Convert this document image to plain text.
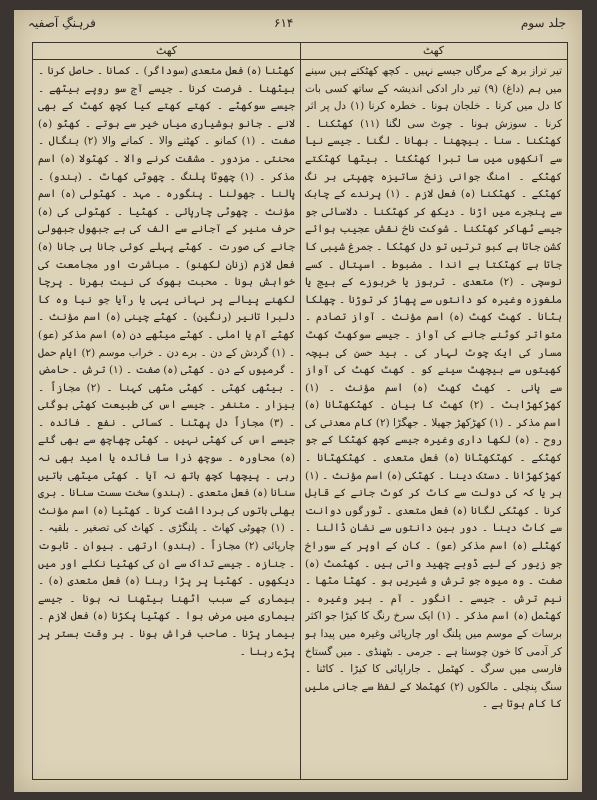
فرہنگِ آصفیہ	۶۱۴	جلد سوم
کھٹ	کھٹ

کھٹنا (ہ) فعل متعدی (سوداگر) ۔ کمانا ۔ حاصل کرنا ۔ بیٹھنا ۔ فرصت کرنا ۔ جیسے آج سو روپے بیٹھے ۔ جیسے سوکھٹے ۔ کھتے کھتے کیا کچھ کھٹ کے بھی لانے ۔ جانو ہوشیاری میاں خیر سے ہوتے ۔ کھٹو (ہ) صفت ۔ (۱) کمانو ۔ کھٹنے والا ۔ کمانے والا (۲) بنگال ۔ محنتی ۔ مزدور ۔ مشقت کرنے والا ۔ کھٹولا (ہ) اسم مذکر ۔ (۱) چھوٹا پلنگ ۔ چھوٹی کھاٹ ۔ (ہندو) ۔ پالنا ۔ جھولنا ۔ پنگورہ ۔ مہد ۔ کھٹولی (ہ) اسم مؤنث ۔ چھوٹی چارپائی ۔ کھٹیا ۔ کھٹولی کی (ہ) حرف منیر کے آجانے سے الف کی بے جبھول جبھولی جانے کی صورت ۔ کھٹے پہلے کوئی جانا ہی جانا (ہ) فعل لازم (زنان لکھنو) ۔ مباشرت اور مجامعت کی خواہش ہونا ۔ محبت بھوک کی نیت بھرنا ۔ پرچا لکھنے پیالے پر نہانی یہی یا رآیا جو نیا وہ کا دلبرا تانیر (رنگین) ۔ کھٹے چینی (ہ) اسم مؤنث ۔ کھٹے آم یا املی ۔ کھٹے میٹھے دن (ہ) اسم مذکر (عو) ۔ (۱) گردش کے دن ۔ برے دن ۔ خراب موسم (۲) ایام حمل ۔ گرمیوں کے دن ۔ کھٹی (ہ) صفت ۔ (۱) ترش ۔ حامض ۔ بیٹھی کھٹی ۔ کھٹی مٹھی کہنا ۔ (۲) مجازاً ۔ بیزار ۔ متنفر ۔ جیسے اس کی طبیعت کھٹی ہوگئی ۔ (۳) مجازاً دل پھٹنا ۔ کسائی ۔ نفع ۔ فائدہ ۔ جیسے اس کی کھٹی نہیں ۔ کھٹی چھاچھ سے بھی گئے (ہ) محاورہ ۔ سوچھ ذرا سا فائدہ یا امید بھی نہ رہی ۔ پیچھا کچھ ہاتھ نہ آیا ۔ کھٹی میٹھی باتیں سنانا (ہ) فعل متعدی ۔ (ہندو) سخت سست سنانا ۔ بری بھلی باتوں کی بردااشت کرنا ۔ کھٹیا (ہ) اسم مؤنث ۔ (۱) چھوٹی کھاٹ ۔ پلنگڑی ۔ کھاٹ کی تصغیر ۔ بلقیہ ۔ چارپائی (۲) مجازاً ۔ (ہندو) ارتھی ۔ بیوان ۔ تابوت ۔ جنازہ ۔ جیسے تداک سے ان کی کھٹیا نکلے اور میں دیکھوں ۔ کھٹیا پر پڑا رہنا (ہ) فعل متعدی (ہ) ۔ بیماری کے سبب اٹھنا بیٹھنا نہ ہونا ۔ جیسے بیماری میں مرض ہوا ۔ کھٹیا پکڑنا (ہ) فعل لازم ۔ بیمار پڑنا ۔ صاحب فراش ہونا ۔ ہر وقت بستر پر پڑے رہنا ۔

تیر تراز برھ کے مرگاں جیسے نہیں ۔ کچھ کھٹکتے ہیں سینے میں ہم (داغ) (۹) تیر دار ادکی اندیشہ کے ساتھ کسی بات کا دل میں کرنا ۔ خلجان ہونا ۔ خطرہ کرنا (۱) دل پر اثر کرنا ۔ سوزش ہونا ۔ چوٹ سی لگنا (۱۱) کھٹکنا ۔ کھٹکنا ۔ سنا ۔ بیچھنا ۔ بھانا ۔ لگنا ۔ جیسے نیا سے آنکھوں میں سا تبرا کھٹکتا ۔ بیٹھا کھٹکتے کھٹکے ۔ امنگ جوانی زنخ ساتیزہ چھپتی ہر نگ کھٹکے ۔ کھٹکنا (ہ) فعل لازم ۔ (۱) پرندے کے چابک سے پنجرے میں اڑنا ۔ دیکھ کر کھٹکنا ۔ دلاسائی جو جیسے ٹھاکر کھٹکنا ۔ شوکت ناخ نقش عجیب ہوائے کشن جاتا ہے کبو ترتیں تو دل کھٹکا ۔ جمرغ شیبی کا جاتا ہے کھٹکتا ہے اندا ۔ مضبوط ۔ اسپتال ۔ کسے نوسچی ۔ (۲) متعدی ۔ تربوز یا خربوزے کے بیج یا ملغوزہ وغیرہ کو دانتوں سے پھاڑ کر توڑنا ۔ چھلکا ہٹانا ۔ کھٹ کھٹ (ہ) اسم مؤنث ۔ آواز تصادم ۔ متواتر کوٹنے جانے کی آواز ۔ جیسے سوکھٹ کھٹ مسار کی ایک چوٹ لہار کی ۔ بید حسن کی بیچہ کھیتوں سے بیچھٹ سینے کو ۔ کھٹ کھٹ کی آواز سے پانی ۔ کھٹ کھٹ (ہ) اسم مؤنث ۔ (۱) کھڑکھڑاہٹ ۔ (۲) کھٹ کا بیان ۔ کھٹکھٹانا (ہ) اسم مذکر ۔ (۱) کھڑکھڑ جھیلا ۔ جھگڑا (۲) کام معدنی کی روح ۔ (ہ) لکھا داری وغیرہ جیسے کچھ کھٹکا کے جو کھٹکے ۔ کھٹکھٹانا (ہ) فعل متعدی ۔ کھٹکھٹانا ۔ کھڑکھڑانا ۔ دستک دینا ۔ کھٹکی (ہ) اسم مؤنث ۔ (۱) ہر یا کہ کی دولت سے کاٹ کر کوٹ جانے کے قابل کرنا ۔ کھٹکی لگانا (ہ) فعل متعدی ۔ ٹورگوں دوانت سے کاٹ دینا ۔ دور بین دانتوں سے نشان ڈالنا ۔ کھٹلے (ہ) اسم مذکر (عو) ۔ کان کے اوپر کے سوراخ جو زیور کے لیے ڈوبے چھید واتی ہیں ۔ کھٹمٹ (ہ) صفت ۔ وہ میوہ جو ترش و شیریں ہو ۔ کھٹا مٹھا ۔ نیم ترش ۔ جیسے ۔ انگور ۔ آم ۔ بیر وغیرہ ۔ کھٹمل (ہ) اسم مذکر ۔ (۱) ایک سرخ رنگ کا کیڑا جو اکثر برسات کے موسم میں پلنگ اور چارپائی وغیرہ میں پیدا ہو کر آدمی کا خون چوستا ہے ۔ جرمی ۔ بٹھنڈی ۔ میں گستاخ فارسی میں سرگ ۔ کھٹمل ۔ جاراپائی کا کیڑا ۔ کاٹنا ۔ سنگ پنچلی ۔ مالکوں (۲) کھٹملا کے لفظ سے جانی ملیں کا کام ہوتا ہے ۔
